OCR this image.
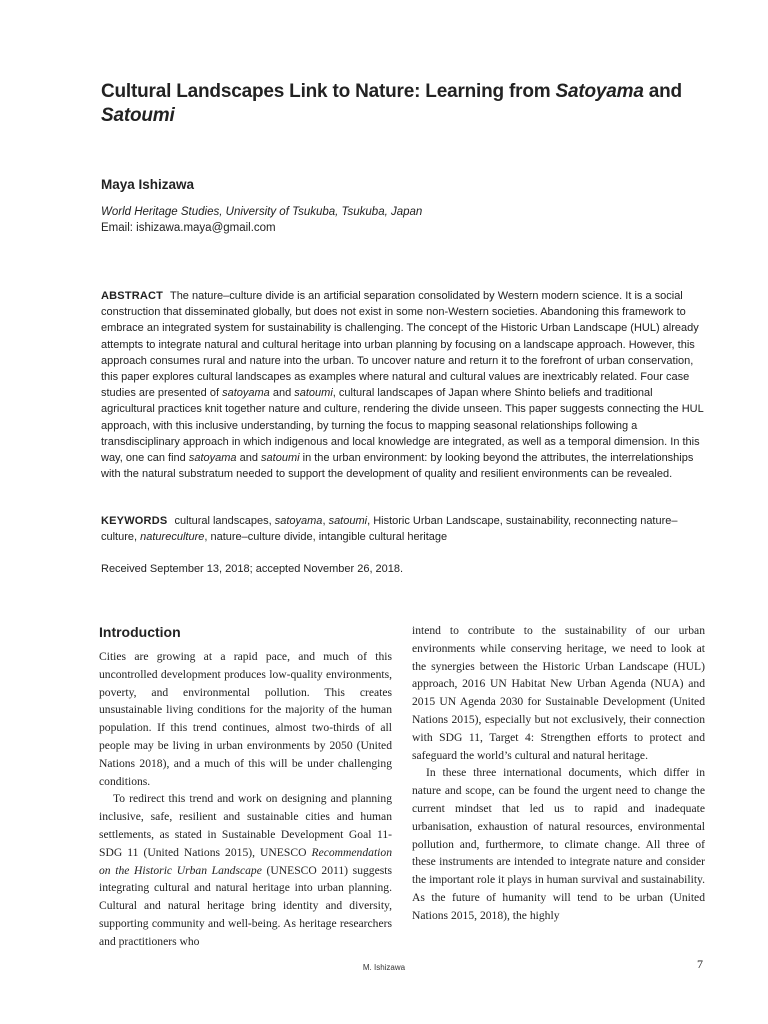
Cultural Landscapes Link to Nature: Learning from Satoyama and Satoumi
Maya Ishizawa
World Heritage Studies, University of Tsukuba, Tsukuba, Japan
Email: ishizawa.maya@gmail.com
ABSTRACT The nature–culture divide is an artificial separation consolidated by Western modern science. It is a social construction that disseminated globally, but does not exist in some non-Western societies. Abandoning this framework to embrace an integrated system for sustainability is challenging. The concept of the Historic Urban Landscape (HUL) already attempts to integrate natural and cultural heritage into urban planning by focusing on a landscape approach. However, this approach consumes rural and nature into the urban. To uncover nature and return it to the forefront of urban conservation, this paper explores cultural landscapes as examples where natural and cultural values are inextricably related. Four case studies are presented of satoyama and satoumi, cultural landscapes of Japan where Shinto beliefs and traditional agricultural practices knit together nature and culture, rendering the divide unseen. This paper suggests connecting the HUL approach, with this inclusive understanding, by turning the focus to mapping seasonal relationships following a transdisciplinary approach in which indigenous and local knowledge are integrated, as well as a temporal dimension. In this way, one can find satoyama and satoumi in the urban environment: by looking beyond the attributes, the interrelationships with the natural substratum needed to support the development of quality and resilient environments can be revealed.
KEYWORDS cultural landscapes, satoyama, satoumi, Historic Urban Landscape, sustainability, reconnecting nature– culture, natureculture, nature–culture divide, intangible cultural heritage
Received September 13, 2018; accepted November 26, 2018.
Introduction

Cities are growing at a rapid pace, and much of this uncontrolled development produces low-quality environments, poverty, and environmental pollution. This creates unsustainable living conditions for the majority of the human population. If this trend continues, almost two-thirds of all people may be living in urban environments by 2050 (United Nations 2018), and a much of this will be under challenging conditions.

To redirect this trend and work on designing and planning inclusive, safe, resilient and sustainable cities and human settlements, as stated in Sustainable Development Goal 11-SDG 11 (United Nations 2015), UNESCO Recommendation on the Historic Urban Landscape (UNESCO 2011) suggests integrating cultural and natural heritage into urban planning. Cultural and natural heritage bring identity and diversity, supporting community and well-being. As heritage researchers and practitioners who

intend to contribute to the sustainability of our urban environments while conserving heritage, we need to look at the synergies between the Historic Urban Landscape (HUL) approach, 2016 UN Habitat New Urban Agenda (NUA) and 2015 UN Agenda 2030 for Sustainable Development (United Nations 2015), especially but not exclusively, their connection with SDG 11, Target 4: Strengthen efforts to protect and safeguard the world’s cultural and natural heritage.

In these three international documents, which differ in nature and scope, can be found the urgent need to change the current mindset that led us to rapid and inadequate urbanisation, exhaustion of natural resources, environmental pollution and, furthermore, to climate change. All three of these instruments are intended to integrate nature and consider the important role it plays in human survival and sustainability. As the future of humanity will tend to be urban (United Nations 2015, 2018), the highly

M. Ishizawa	7
